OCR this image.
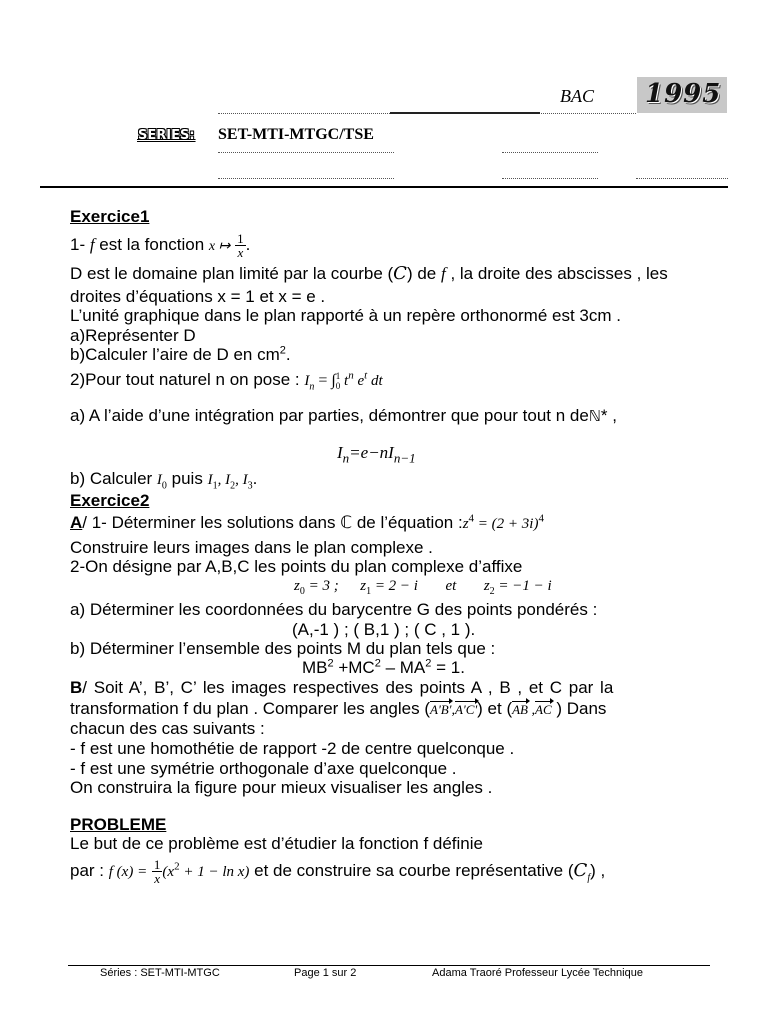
BAC 1995
SERIES: SET-MTI-MTGC/TSE
Exercice1
1- f est la fonction x ↦ $\frac{1}{x}$ .
D est le domaine plan limité par la courbe (C) de f , la droite des abscisses , les
droites d’équations x = 1 et x = e .
L’unité graphique dans le plan rapporté à un repère orthonormé est 3cm .
a)Représenter D
b)Calculer l’aire de D en $cm^2$.
2)Pour tout naturel n on pose : $I_n$ = ∫ 1
0 $t^n$ $e^t$ dt
a) A l’aide d’une intégration par parties, démontrer que pour tout n deℕ* ,
$I_n=e-nI_{n-1}$
b) Calculer $I_0$ puis $I_1$, $I_2$, $I_3$.
Exercice2
A/ 1- Déterminer les solutions dans ℂ de l’équation $:z^4 = (2 + 3i)^4$
Construire leurs images dans le plan complexe .
2-On désigne par A,B,C les points du plan complexe d’affixe
$z_0 = 3$ ; $z_1 = 2 - i$ et $z_2 = -1 - i$
a) Déterminer les coordonnées du barycentre G des points pondérés :
(A,-1 ) ; ( B,1 ) ; ( C , 1 ).
b) Déterminer l’ensemble des points M du plan tels que :
$MB^2 +MC^2 - MA^2 = 1$.
B/ Soit A’, B’, C’ les images respectives des points A , B , et C par la
transformation f du plan . Comparer les angles (A'B',A'C') et (AB ,AC ) Dans
chacun des cas suivants :
- f est une homothétie de rapport -2 de centre quelconque .
- f est une symétrie orthogonale d’axe quelconque .
On construira la figure pour mieux visualiser les angles .
PROBLEME
Le but de ce problème est d’étudier la fonction f définie
par : f $(x) = \frac{1}{x} (x^2 + 1 - \ln x)$ et de construire sa courbe représentative $(C_f)$ ,
Séries : SET-MTI-MTGC	Page 1 sur 2	Adama Traoré Professeur Lycée Technique
